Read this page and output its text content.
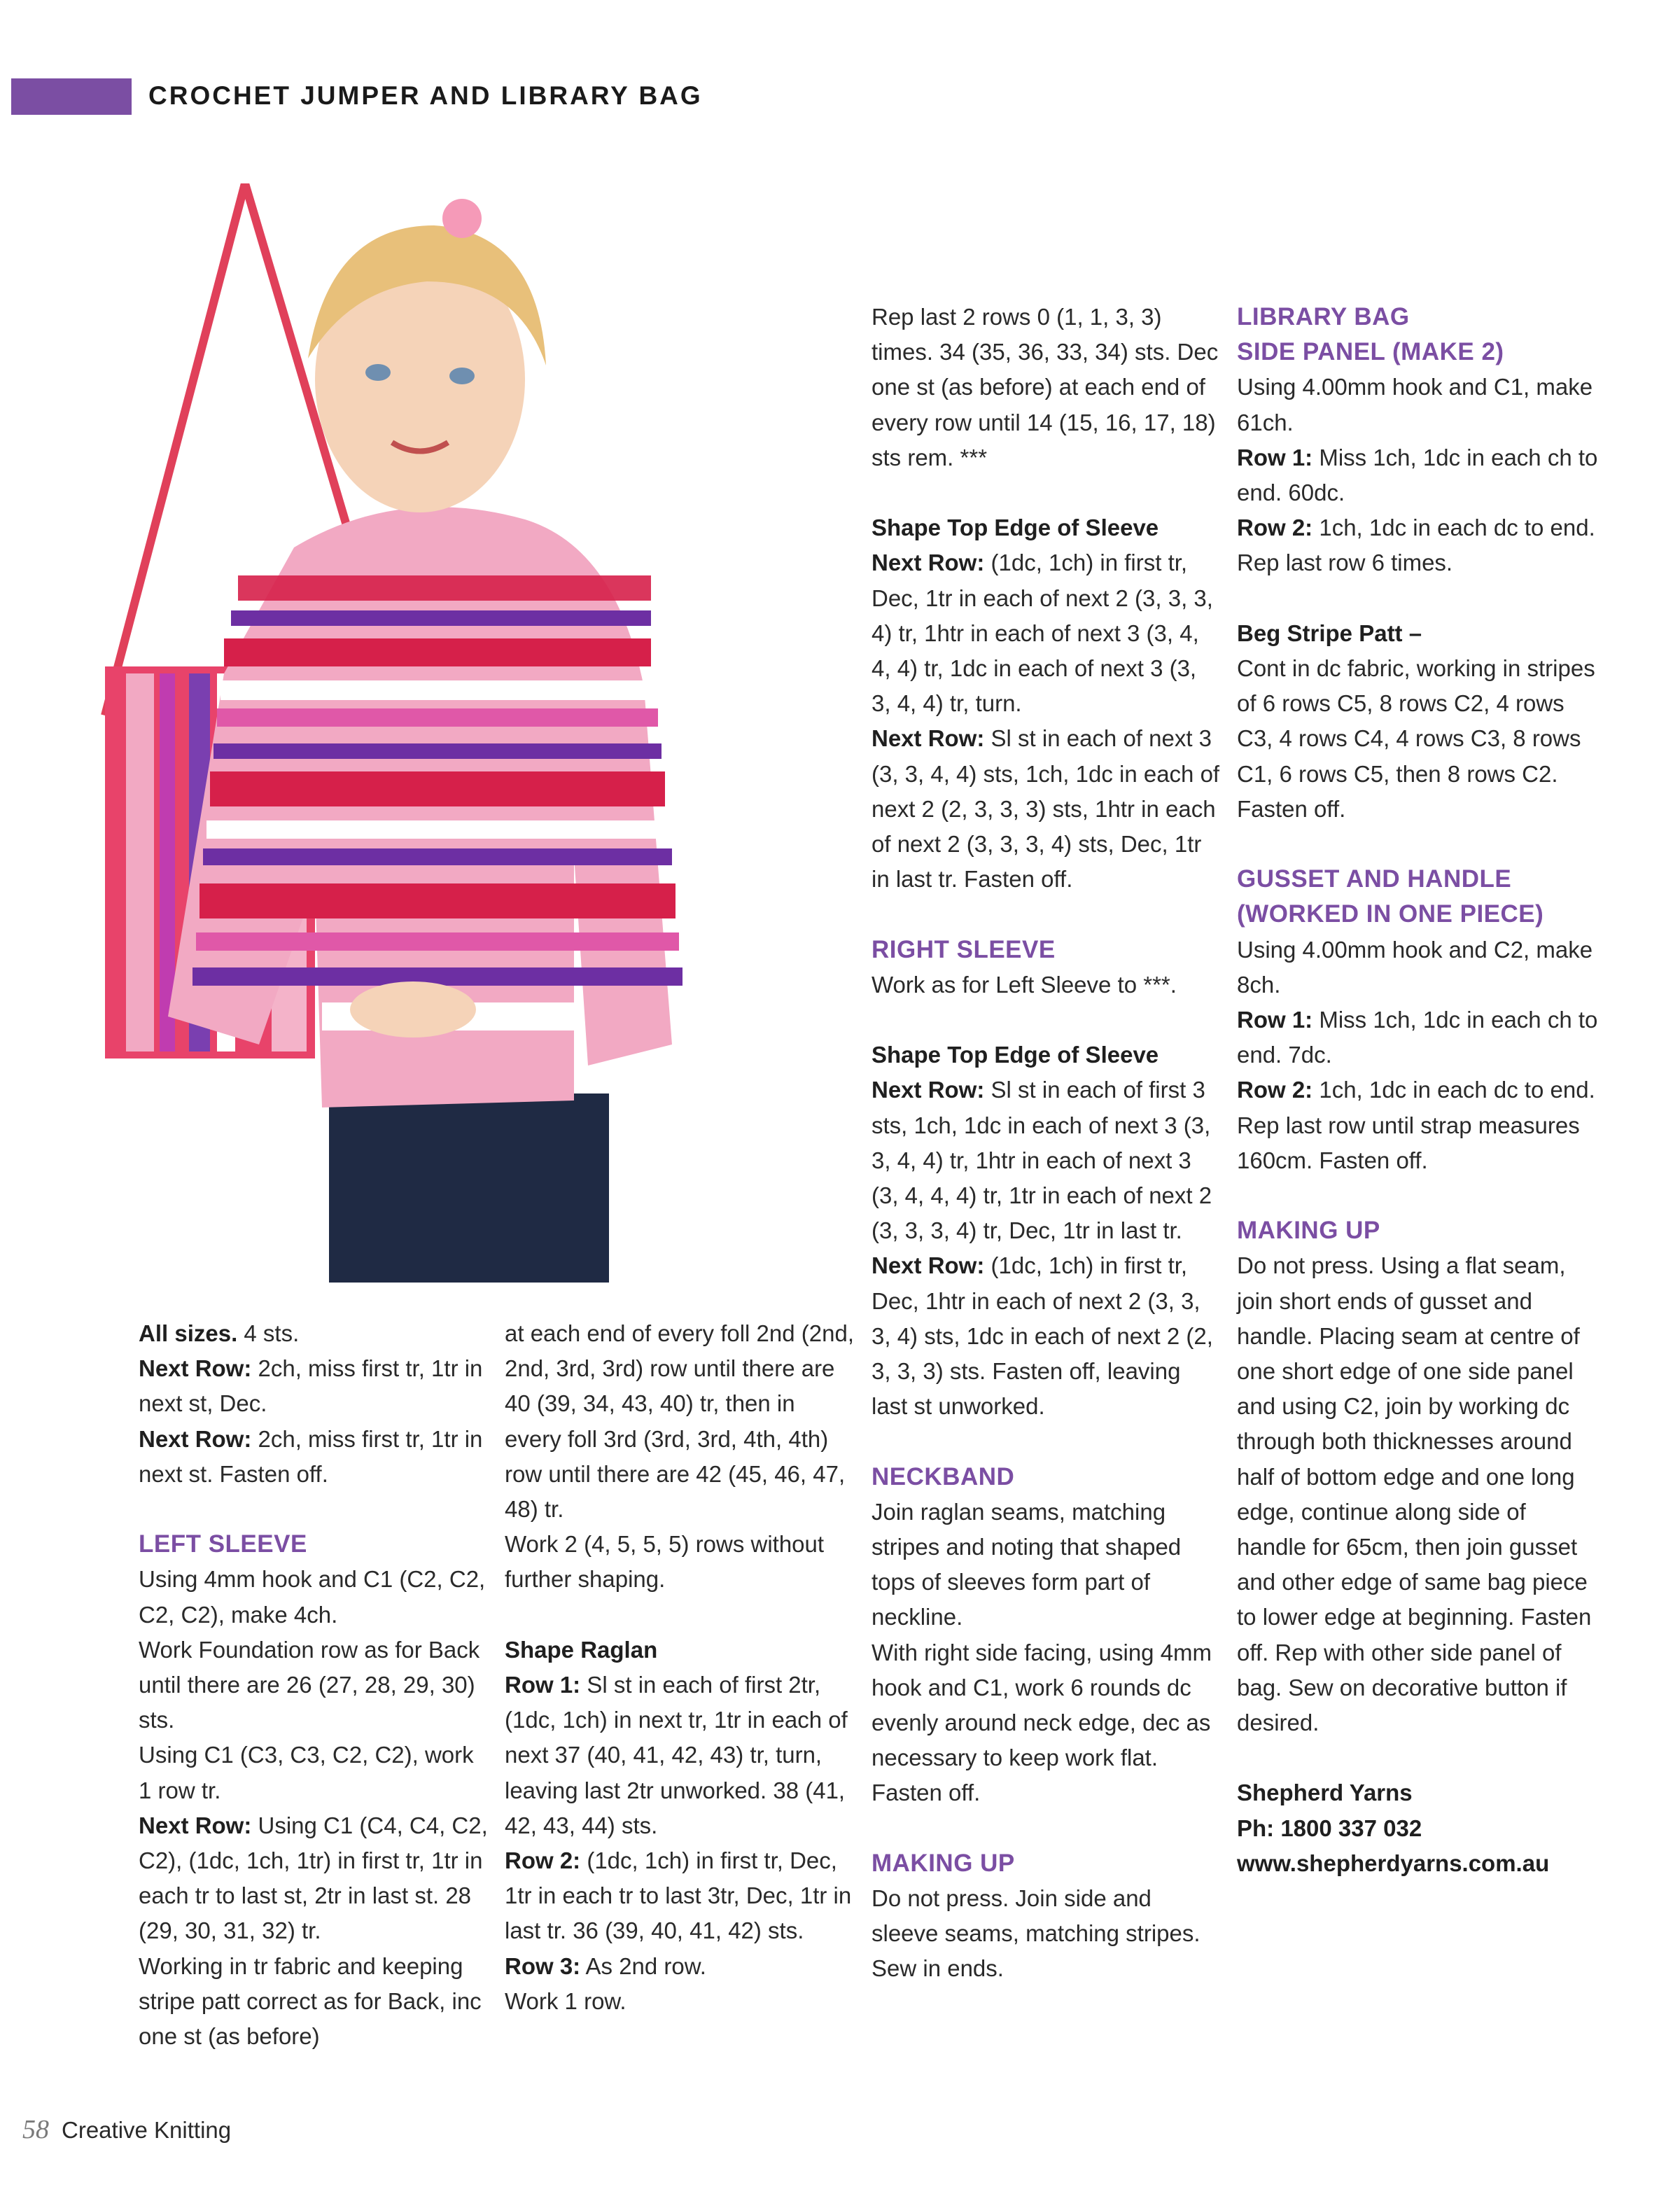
CROCHET JUMPER AND LIBRARY BAG

All sizes. 4 sts.

Next Row: 2ch, miss first tr, 1tr in next st, Dec.

Next Row: 2ch, miss first tr, 1tr in next st. Fasten off.

LEFT SLEEVE

Using 4mm hook and C1 (C2, C2, C2, C2), make 4ch.

Work Foundation row as for Back until there are 26 (27, 28, 29, 30) sts.

Using C1 (C3, C3, C2, C2), work 1 row tr.

Next Row: Using C1 (C4, C4, C2, C2), (1dc, 1ch, 1tr) in first tr, 1tr in each tr to last st, 2tr in last st. 28 (29, 30, 31, 32) tr.

Working in tr fabric and keeping stripe patt correct as for Back, inc one st (as before)

at each end of every foll 2nd (2nd, 2nd, 3rd, 3rd) row until there are 40 (39, 34, 43, 40) tr, then in every foll 3rd (3rd, 3rd, 4th, 4th) row until there are 42 (45, 46, 47, 48) tr.

Work 2 (4, 5, 5, 5) rows without further shaping.

Shape Raglan

Row 1: Sl st in each of first 2tr, (1dc, 1ch) in next tr, 1tr in each of next 37 (40, 41, 42, 43) tr, turn, leaving last 2tr unworked. 38 (41, 42, 43, 44) sts.

Row 2: (1dc, 1ch) in first tr, Dec, 1tr in each tr to last 3tr, Dec, 1tr in last tr. 36 (39, 40, 41, 42) sts.

Row 3: As 2nd row.

Work 1 row.

Rep last 2 rows 0 (1, 1, 3, 3) times. 34 (35, 36, 33, 34) sts. Dec one st (as before) at each end of every row until 14 (15, 16, 17, 18) sts rem. ***

Shape Top Edge of Sleeve

Next Row: (1dc, 1ch) in first tr, Dec, 1tr in each of next 2 (3, 3, 3, 4) tr, 1htr in each of next 3 (3, 4, 4, 4) tr, 1dc in each of next 3 (3, 3, 4, 4) tr, turn.

Next Row: Sl st in each of next 3 (3, 3, 4, 4) sts, 1ch, 1dc in each of next 2 (2, 3, 3, 3) sts, 1htr in each of next 2 (3, 3, 3, 4) sts, Dec, 1tr in last tr. Fasten off.

RIGHT SLEEVE

Work as for Left Sleeve to ***.

Shape Top Edge of Sleeve

Next Row: Sl st in each of first 3 sts, 1ch, 1dc in each of next 3 (3, 3, 4, 4) tr, 1htr in each of next 3 (3, 4, 4, 4) tr, 1tr in each of next 2 (3, 3, 3, 4) tr, Dec, 1tr in last tr.

Next Row: (1dc, 1ch) in first tr, Dec, 1htr in each of next 2 (3, 3, 3, 4) sts, 1dc in each of next 2 (2, 3, 3, 3) sts. Fasten off, leaving last st unworked.

NECKBAND

Join raglan seams, matching stripes and noting that shaped tops of sleeves form part of neckline.

With right side facing, using 4mm hook and C1, work 6 rounds dc evenly around neck edge, dec as necessary to keep work flat. Fasten off.

MAKING UP

Do not press. Join side and sleeve seams, matching stripes. Sew in ends.

LIBRARY BAG

SIDE PANEL (MAKE 2)

Using 4.00mm hook and C1, make 61ch.

Row 1: Miss 1ch, 1dc in each ch to end. 60dc.

Row 2: 1ch, 1dc in each dc to end.

Rep last row 6 times.

Beg Stripe Patt –

Cont in dc fabric, working in stripes of 6 rows C5, 8 rows C2, 4 rows C3, 4 rows C4, 4 rows C3, 8 rows C1, 6 rows C5, then 8 rows C2.

Fasten off.

GUSSET AND HANDLE

(WORKED IN ONE PIECE)

Using 4.00mm hook and C2, make 8ch.

Row 1: Miss 1ch, 1dc in each ch to end. 7dc.

Row 2: 1ch, 1dc in each dc to end.

Rep last row until strap measures 160cm. Fasten off.

MAKING UP

Do not press. Using a flat seam, join short ends of gusset and handle. Placing seam at centre of one short edge of one side panel and using C2, join by working dc through both thicknesses around half of bottom edge and one long edge, continue along side of handle for 65cm, then join gusset and other edge of same bag piece to lower edge at beginning. Fasten off. Rep with other side panel of bag. Sew on decorative button if desired.

Shepherd Yarns

Ph: 1800 337 032

www.shepherdyarns.com.au

58 Creative Knitting
